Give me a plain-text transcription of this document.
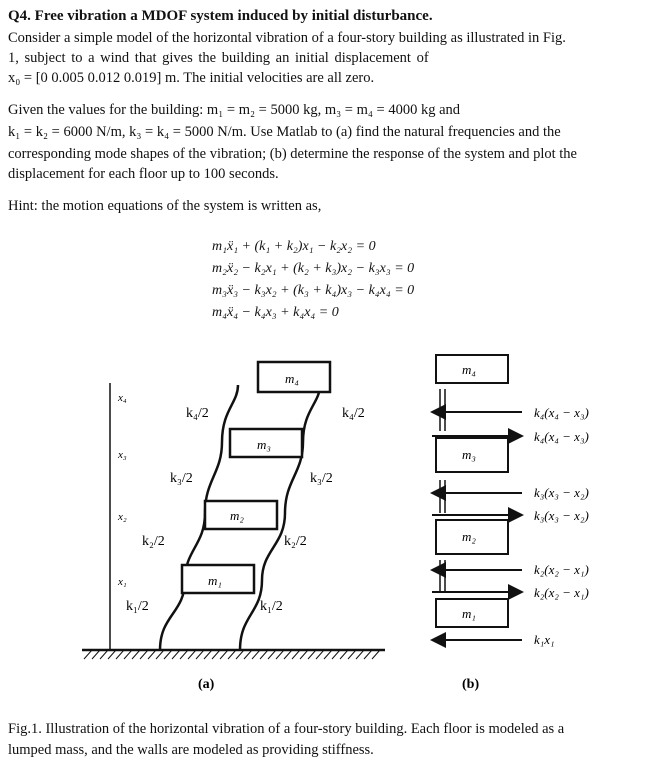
Q4. Free vibration a MDOF system induced by initial disturbance.

Consider a simple model of the horizontal vibration of a four-story building as illustrated in Fig.

1, subject to a wind that gives the building an initial displacement of

x₀ = [0 0.005 0.012 0.019] m. The initial velocities are all zero.

Given the values for the building: m₁ = m₂ = 5000 kg, m₃ = m₄ = 4000 kg and

k₁ = k₂ = 6000 N/m, k₃ = k₄ = 5000 N/m. Use Matlab to (a) find the natural frequencies and the

corresponding mode shapes of the vibration; (b) determine the response of the system and plot the

displacement for each floor up to 100 seconds.

Hint: the motion equations of the system is written as,

m₁ẍ₁ + (k₁ + k₂)x₁ − k₂x₂ = 0
m₂ẍ₂ − k₂x₁ + (k₂ + k₃)x₂ − k₃x₃ = 0
m₃ẍ₃ − k₃x₂ + (k₃ + k₄)x₃ − k₄x₄ = 0
m₄ẍ₄ − k₄x₃ + k₄x₄ = 0
x₄
x₃
x₂
x₁
m₄
m₃
m₂
m₁
k₄/2
k₃/2
k₂/2
k₁/2
k₄/2
k₃/2
k₂/2
k₁/2
(a)
m₄
m₃
m₂
m₁
k₄(x₄ − x₃)
k₄(x₄ − x₃)
k₃(x₃ − x₂)
k₃(x₃ − x₂)
k₂(x₂ − x₁)
k₂(x₂ − x₁)
k₁x₁
(b)
Fig.1. Illustration of the horizontal vibration of a four-story building. Each floor is modeled as a
lumped mass, and the walls are modeled as providing stiffness.
